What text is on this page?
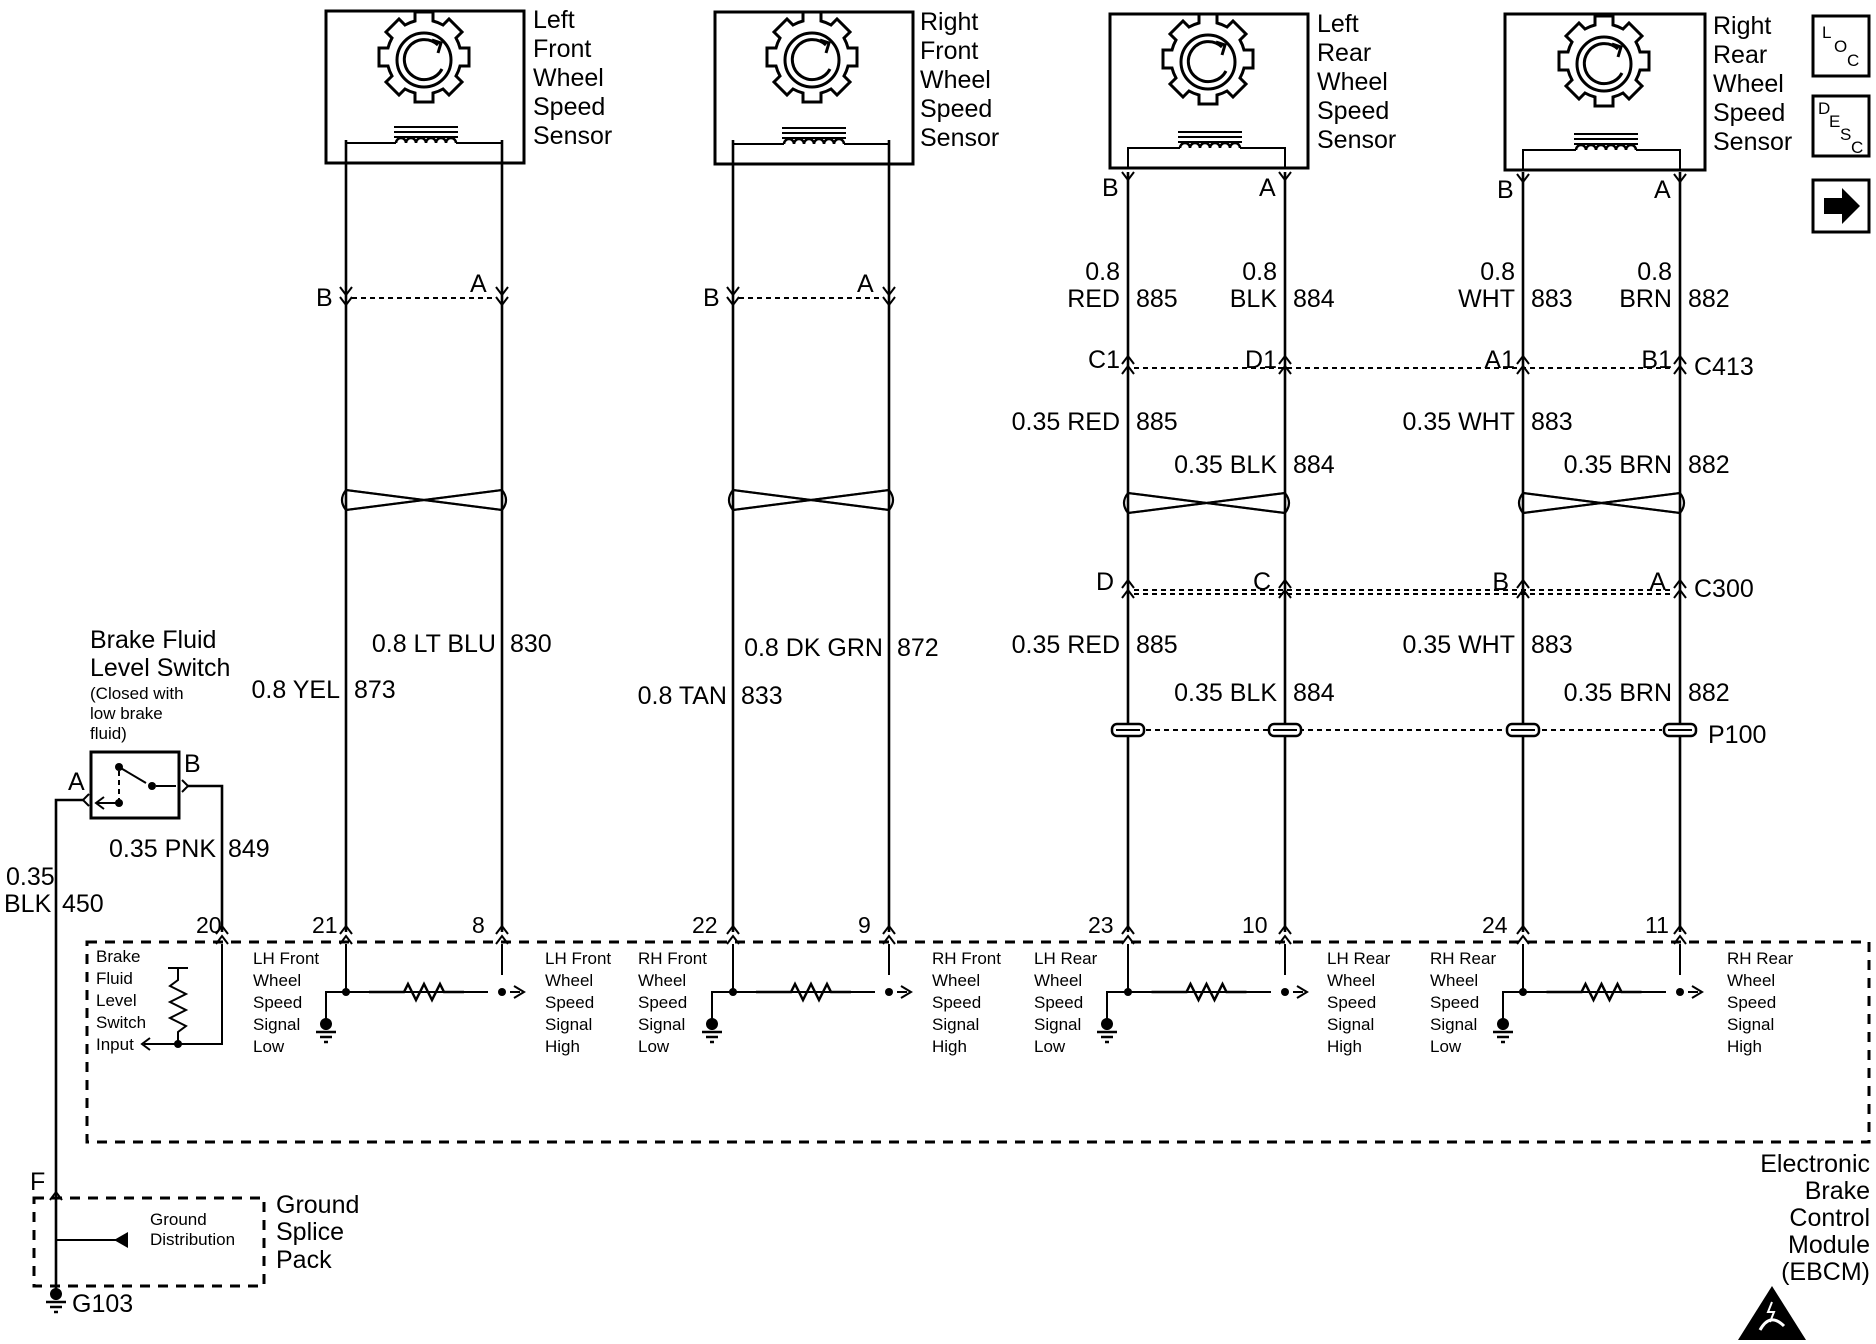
Left
Front
Wheel
Speed
Sensor
Right
Front
Wheel
Speed
Sensor
Left
Rear
Wheel
Speed
Sensor
B	A
Right
Rear
Wheel
Speed
Sensor
B	A
B	A	B	A
0.8 YEL 873
0.8 LT BLU 830
0.8 TAN 833
0.8 DK GRN 872
0.8
RED 885
C1
0.35 RED 885
D
0.35 RED 885
0.8
BLK 884
D1
0.35 BLK 884
C
0.35 BLK 884
0.8
WHT 883
A1
0.35 WHT 883
B
0.35 WHT 883
0.8
BRN 882
B1
0.35 BRN 882
A
0.35 BRN 882
C413
C300
P100
20	21	8	22	9	23	10	24	11
LH Front	LH Front
Wheel	Wheel
Speed	Speed
Signal	Signal
Low	High
RH Front	RH Front
Wheel	Wheel
Speed	Speed
Signal	Signal
Low	High
LH Rear	LH Rear
Wheel	Wheel
Speed	Speed
Signal	Signal
Low	High
RH Rear	RH Rear
Wheel	Wheel
Speed	Speed
Signal	Signal
Low	High
Brake
Fluid
Level
Switch
Input
Electronic
Brake
Control
Module
(EBCM)
Brake Fluid
Level Switch
(Closed with
low brake
fluid)
A
B
0.35 PNK 849
0.35
BLK 450
F
Ground
Distribution
Ground
Splice
Pack
G103
L
O
C
D
E
S
C
